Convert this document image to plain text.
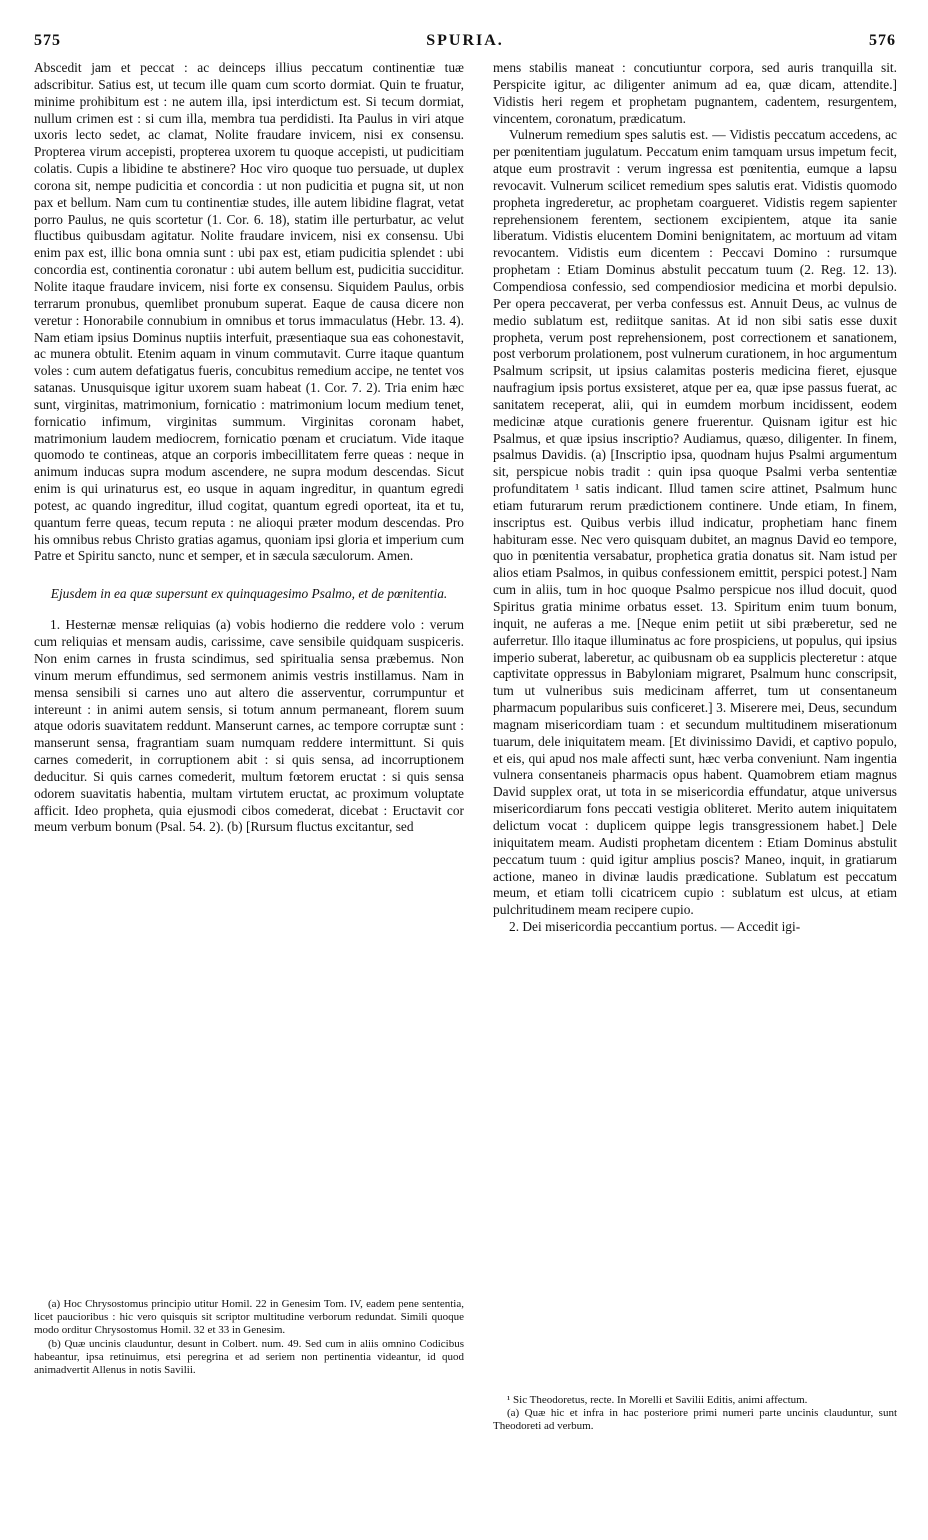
575	SPURIA.	576

Abscedit jam et peccat : ac deinceps illius peccatum continentiæ tuæ adscribitur. Satius est, ut tecum ille quam cum scorto dormiat. Quin te fruatur, minime prohibitum est : ne autem illa, ipsi interdictum est. Si tecum dormiat, nullum crimen est : si cum illa, membra tua perdidisti. Ita Paulus in viri atque uxoris lecto sedet, ac clamat, Nolite fraudare invicem, nisi ex consensu. Propterea virum accepisti, propterea uxorem tu quoque accepisti, ut pudicitiam colatis. Cupis a libidine te abstinere? Hoc viro quoque tuo persuade, ut duplex corona sit, nempe pudicitia et concordia : ut non pudicitia et pugna sit, ut non pax et bellum. Nam cum tu continentiæ studes, ille autem libidine flagrat, vetat porro Paulus, ne quis scortetur (1. Cor. 6. 18), statim ille perturbatur, ac velut fluctibus quibusdam agitatur. Nolite fraudare invicem, nisi ex consensu. Ubi enim pax est, illic bona omnia sunt : ubi pax est, etiam pudicitia splendet : ubi concordia est, continentia coronatur : ubi autem bellum est, pudicitia succiditur. Nolite itaque fraudare invicem, nisi forte ex consensu. Siquidem Paulus, orbis terrarum pronubus, quemlibet pronubum superat. Eaque de causa dicere non veretur : Honorabile connubium in omnibus et torus immaculatus (Hebr. 13. 4). Nam etiam ipsius Dominus nuptiis interfuit, præsentiaque sua eas cohonestavit, ac munera obtulit. Etenim aquam in vinum commutavit. Curre itaque quantum voles : cum autem defatigatus fueris, concubitus remedium accipe, ne tentet vos satanas. Unusquisque igitur uxorem suam habeat (1. Cor. 7. 2). Tria enim hæc sunt, virginitas, matrimonium, fornicatio : matrimonium locum medium tenet, fornicatio infimum, virginitas summum. Virginitas coronam habet, matrimonium laudem mediocrem, fornicatio pœnam et cruciatum. Vide itaque quomodo te contineas, atque an corporis imbecillitatem ferre queas : neque in animum inducas supra modum ascendere, ne supra modum descendas. Sicut enim is qui urinaturus est, eo usque in aquam ingreditur, in quantum egredi potest, ac quando ingreditur, illud cogitat, quantum egredi oporteat, ita et tu, quantum ferre queas, tecum reputa : ne alioqui præter modum descendas. Pro his omnibus rebus Christo gratias agamus, quoniam ipsi gloria et imperium cum Patre et Spiritu sancto, nunc et semper, et in sæcula sæculorum. Amen.

Ejusdem in ea quæ supersunt ex quinquagesimo Psalmo, et de pœnitentia.

1. Hesternæ mensæ reliquias (a) vobis hodierno die reddere volo : verum cum reliquias et mensam audis, carissime, cave sensibile quidquam suspiceris. Non enim carnes in frusta scindimus, sed spiritualia sensa præbemus. Non vinum merum effundimus, sed sermonem animis vestris instillamus. Nam in mensa sensibili si carnes uno aut altero die asserventur, corrumpuntur et intereunt : in animi autem sensis, si totum annum permaneant, florem suum atque odoris suavitatem reddunt. Manserunt carnes, ac tempore corruptæ sunt : manserunt sensa, fragrantiam suam numquam reddere intermittunt. Si quis carnes comederit, in corruptionem abit : si quis sensa, ad incorruptionem deducitur. Si quis carnes comederit, multum fœtorem eructat : si quis sensa odorem suavitatis habentia, multam virtutem eructat, ac proximum voluptate afficit. Ideo propheta, quia ejusmodi cibos comederat, dicebat : Eructavit cor meum verbum bonum (Psal. 54. 2). (b) [Rursum fluctus excitantur, sed

mens stabilis maneat : concutiuntur corpora, sed auris tranquilla sit. Perspicite igitur, ac diligenter animum ad ea, quæ dicam, attendite.] Vidistis heri regem et prophetam pugnantem, cadentem, resurgentem, vincentem, coronatum, prædicatum.

Vulnerum remedium spes salutis est. — Vidistis peccatum accedens, ac per pœnitentiam jugulatum. Peccatum enim tamquam ursus impetum fecit, atque eum prostravit : verum ingressa est pœnitentia, eumque a lapsu revocavit. Vulnerum scilicet remedium spes salutis erat. Vidistis quomodo propheta ingrederetur, ac prophetam coargueret. Vidistis regem sapienter reprehensionem ferentem, sectionem excipientem, atque ita sanie liberatum. Vidistis elucentem Domini benignitatem, ac mortuum ad vitam revocantem. Vidistis eum dicentem : Peccavi Domino : rursumque prophetam : Etiam Dominus abstulit peccatum tuum (2. Reg. 12. 13). Compendiosa confessio, sed compendiosior medicina et morbi depulsio. Per opera peccaverat, per verba confessus est. Annuit Deus, ac vulnus de medio sublatum est, rediitque sanitas. At id non sibi satis esse duxit propheta, verum post reprehensionem, post correctionem et sanationem, post verborum prolationem, post vulnerum curationem, in hoc argumentum Psalmum scripsit, ut ipsius calamitas posteris medicina fieret, ejusque naufragium ipsis portus exsisteret, atque per ea, quæ ipse passus fuerat, ac sanitatem receperat, alii, qui in eumdem morbum incidissent, eodem medicinæ atque curationis genere fruerentur. Quisnam igitur est hic Psalmus, et quæ ipsius inscriptio? Audiamus, quæso, diligenter. In finem, psalmus Davidis. (a) [Inscriptio ipsa, quodnam hujus Psalmi argumentum sit, perspicue nobis tradit : quin ipsa quoque Psalmi verba sententiæ profunditatem ¹ satis indicant. Illud tamen scire attinet, Psalmum hunc etiam futurarum rerum prædictionem continere. Unde etiam, In finem, inscriptus est. Quibus verbis illud indicatur, prophetiam hanc finem habituram esse. Nec vero quisquam dubitet, an magnus David eo tempore, quo in pœnitentia versabatur, prophetica gratia donatus sit. Nam istud per alios etiam Psalmos, in quibus confessionem emittit, perspici potest.] Nam cum in aliis, tum in hoc quoque Psalmo perspicue nos illud docuit, quod Spiritus gratia minime orbatus esset. 13. Spiritum enim tuum bonum, inquit, ne auferas a me. [Neque enim petiit ut sibi præberetur, sed ne auferretur. Illo itaque illuminatus ac fore prospiciens, ut populus, qui ipsius imperio suberat, laberetur, ac quibusnam ob ea supplicis plecteretur : atque captivitate oppressus in Babyloniam migraret, Psalmum hunc conscripsit, tum ut vulneribus suis medicinam afferret, tum ut consentaneum pharmacum popularibus suis conficeret.] 3. Miserere mei, Deus, secundum magnam misericordiam tuam : et secundum multitudinem miserationum tuarum, dele iniquitatem meam. [Et divinissimo Davidi, et captivo populo, et eis, qui apud nos male affecti sunt, hæc verba conveniunt. Nam ingentia vulnera consentaneis pharmacis opus habent. Quamobrem etiam magnus David supplex orat, ut tota in se misericordia effundatur, atque universus misericordiarum fons peccati vestigia obliteret. Merito autem iniquitatem delictum vocat : duplicem quippe legis transgressionem habet.] Dele iniquitatem meam. Audisti prophetam dicentem : Etiam Dominus abstulit peccatum tuum : quid igitur amplius poscis? Maneo, inquit, in gratiarum actione, maneo in divinæ laudis prædicatione. Sublatum est peccatum meum, et etiam tolli cicatricem cupio : sublatum est ulcus, at etiam pulchritudinem meam recipere cupio.

2. Dei misericordia peccantium portus. — Accedit igi-

(a) Hoc Chrysostomus principio utitur Homil. 22 in Genesim Tom. IV, eadem pene sententia, licet paucioribus : hic vero quisquis sit scriptor multitudine verborum redundat. Simili quoque modo orditur Chrysostomus Homil. 32 et 33 in Genesim.

(b) Quæ uncinis clauduntur, desunt in Colbert. num. 49. Sed cum in aliis omnino Codicibus habeantur, ipsa retinuimus, etsi peregrina et ad seriem non pertinentia videantur, id quod animadvertit Allenus in notis Savilii.

¹ Sic Theodoretus, recte. In Morelli et Savilii Editis, animi affectum.

(a) Quæ hic et infra in hac posteriore primi numeri parte uncinis clauduntur, sunt Theodoreti ad verbum.
